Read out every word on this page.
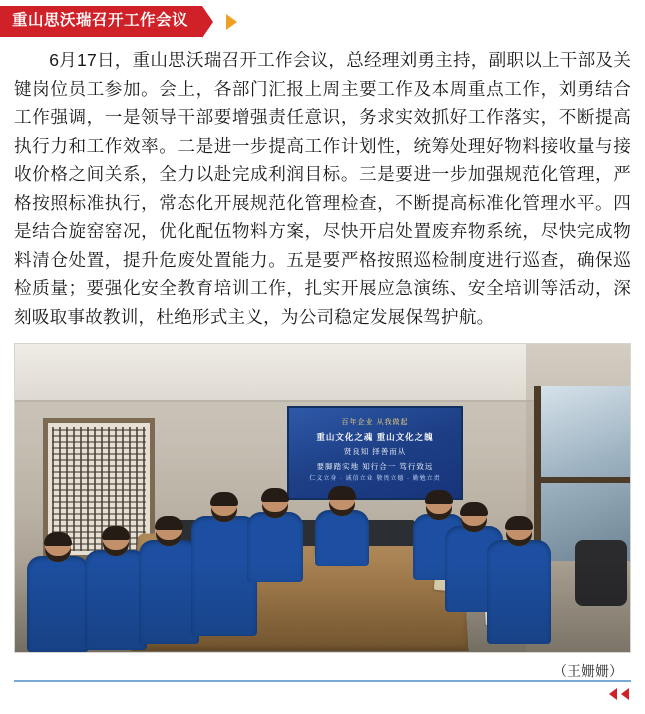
重山思沃瑞召开工作会议

6月17日，重山思沃瑞召开工作会议，总经理刘勇主持，副职以上干部及关键岗位员工参加。会上，各部门汇报上周主要工作及本周重点工作，刘勇结合工作强调，一是领导干部要增强责任意识，务求实效抓好工作落实，不断提高执行力和工作效率。二是进一步提高工作计划性，统筹处理好物料接收量与接收价格之间关系，全力以赴完成利润目标。三是要进一步加强规范化管理，严格按照标准执行，常态化开展规范化管理检查，不断提高标准化管理水平。四是结合旋窑窑况，优化配伍物料方案，尽快开启处置废弃物系统，尽快完成物料清仓处置，提升危废处置能力。五是要严格按照巡检制度进行巡查，确保巡检质量；要强化安全教育培训工作，扎实开展应急演练、安全培训等活动，深刻吸取事故教训，杜绝形式主义，为公司稳定发展保驾护航。

百年企业 从我做起
重山文化之魂 重山文化之魄
贤良知 择善而从
要脚踏实地 知行合一 笃行致远
仁义立身 · 诚信立业 敬畏立德 · 勤勉立责
（王姗姗）
